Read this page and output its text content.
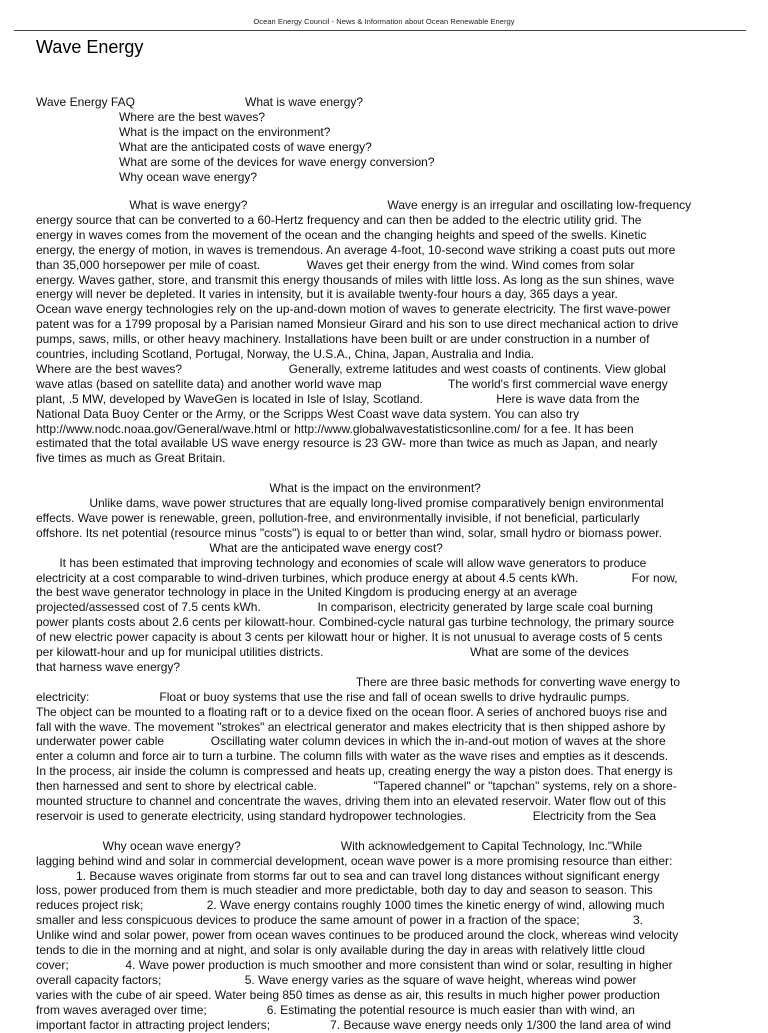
Ocean Energy Council - News & Information about Ocean Renewable Energy
Wave Energy
Wave Energy FAQ	What is wave energy?
Where are the best waves?
What is the impact on the environment?
What are the anticipated costs of wave energy?
What are some of the devices for wave energy conversion?
Why ocean wave energy?
What is wave energy?                                          Wave energy is an irregular and oscillating low-frequency
energy source that can be converted to a 60-Hertz frequency and can then be added to the electric utility grid. The
energy in waves comes from the movement of the ocean and the changing heights and speed of the swells. Kinetic
energy, the energy of motion, in waves is tremendous. An average 4-foot, 10-second wave striking a coast puts out more
than 35,000 horsepower per mile of coast.              Waves get their energy from the wind. Wind comes from solar
energy. Waves gather, store, and transmit this energy thousands of miles with little loss. As long as the sun shines, wave
energy will never be depleted. It varies in intensity, but it is available twenty-four hours a day, 365 days a year.
Ocean wave energy technologies rely on the up-and-down motion of waves to generate electricity. The first wave-power
patent was for a 1799 proposal by a Parisian named Monsieur Girard and his son to use direct mechanical action to drive
pumps, saws, mills, or other heavy machinery. Installations have been built or are under construction in a number of
countries, including Scotland, Portugal, Norway, the U.S.A., China, Japan, Australia and India.
Where are the best waves?                                Generally, extreme latitudes and west coasts of continents. View global
wave atlas (based on satellite data) and another world wave map                    The world's first commercial wave energy
plant, .5 MW, developed by WaveGen is located in Isle of Islay, Scotland.                      Here is wave data from the
National Data Buoy Center or the Army, or the Scripps West Coast wave data system. You can also try
http://www.nodc.noaa.gov/General/wave.html or http://www.globalwavestatisticsonline.com/ for a fee. It has been
estimated that the total available US wave energy resource is 23 GW- more than twice as much as Japan, and nearly
five times as much as Great Britain.
What is the impact on the environment?
Unlike dams, wave power structures that are equally long-lived promise comparatively benign environmental
effects. Wave power is renewable, green, pollution-free, and environmentally invisible, if not beneficial, particularly
offshore. Its net potential (resource minus "costs") is equal to or better than wind, solar, small hydro or biomass power.
What are the anticipated wave energy cost?
It has been estimated that improving technology and economies of scale will allow wave generators to produce
electricity at a cost comparable to wind-driven turbines, which produce energy at about 4.5 cents kWh.                For now,
the best wave generator technology in place in the United Kingdom is producing energy at an average
projected/assessed cost of 7.5 cents kWh.                 In comparison, electricity generated by large scale coal burning
power plants costs about 2.6 cents per kilowatt-hour. Combined-cycle natural gas turbine technology, the primary source
of new electric power capacity is about 3 cents per kilowatt hour or higher. It is not unusual to average costs of 5 cents
per kilowatt-hour and up for municipal utilities districts.                                            What are some of the devices
that harness wave energy?
There are three basic methods for converting wave energy to
electricity:                     Float or buoy systems that use the rise and fall of ocean swells to drive hydraulic pumps.
The object can be mounted to a floating raft or to a device fixed on the ocean floor. A series of anchored buoys rise and
fall with the wave. The movement "strokes" an electrical generator and makes electricity that is then shipped ashore by
underwater power cable              Oscillating water column devices in which the in-and-out motion of waves at the shore
enter a column and force air to turn a turbine. The column fills with water as the wave rises and empties as it descends.
In the process, air inside the column is compressed and heats up, creating energy the way a piston does. That energy is
then harnessed and sent to shore by electrical cable.                 "Tapered channel" or "tapchan" systems, rely on a shore-
mounted structure to channel and concentrate the waves, driving them into an elevated reservoir. Water flow out of this
reservoir is used to generate electricity, using standard hydropower technologies.                    Electricity from the Sea
Why ocean wave energy?                              With acknowledgement to Capital Technology, Inc."While
lagging behind wind and solar in commercial development, ocean wave power is a more promising resource than either:
1. Because waves originate from storms far out to sea and can travel long distances without significant energy
loss, power produced from them is much steadier and more predictable, both day to day and season to season. This
reduces project risk;                   2. Wave energy contains roughly 1000 times the kinetic energy of wind, allowing much
smaller and less conspicuous devices to produce the same amount of power in a fraction of the space;                3.
Unlike wind and solar power, power from ocean waves continues to be produced around the clock, whereas wind velocity
tends to die in the morning and at night, and solar is only available during the day in areas with relatively little cloud
cover;                 4. Wave power production is much smoother and more consistent than wind or solar, resulting in higher
overall capacity factors;                         5. Wave energy varies as the square of wave height, whereas wind power
varies with the cube of air speed. Water being 850 times as dense as air, this results in much higher power production
from waves averaged over time;                  6. Estimating the potential resource is much easier than with wind, an
important factor in attracting project lenders;                  7. Because wave energy needs only 1/300 the land area of wind
